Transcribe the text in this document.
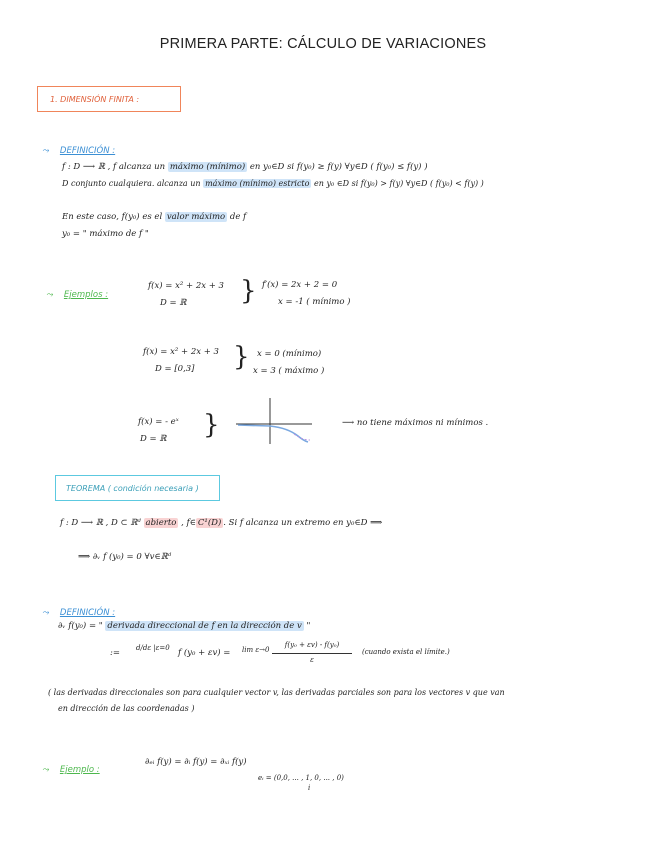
PRIMERA PARTE: CÁLCULO DE VARIACIONES
1. DIMENSIÓN FINITA :
⤳ DEFINICIÓN :
f : D ⟶ ℝ , f alcanza un máximo (mínimo) en y₀∈D si f(y₀) ≥ f(y) ∀y∈D ( f(y₀) ≤ f(y) )
D conjunto cualquiera. alcanza un máximo (mínimo) estricto en y₀ ∈D si f(y₀) > f(y) ∀y∈D ( f(y₀) < f(y) )
En este caso, f(y₀) es el valor máximo de f
y₀ = " máximo de f "
⤳ Ejemplos :
f(x) = x² + 2x + 3
D = ℝ } f′(x) = 2x + 2 = 0
x = -1 ( mínimo )
f(x) = x² + 2x + 3
D = [0,3] } x = 0 (mínimo)
x = 3 ( máximo )
f(x) = - eˣ
D = ℝ }	⟶ no tiene máximos ni mínimos .
TEOREMA ( condición necesaria )
f : D ⟶ ℝ , D ⊂ ℝᵈ abierto , f∈ C¹(D) . Si f alcanza un extremo en y₀∈D ⟹
⟹ ∂ᵥ f (y₀) = 0 ∀v∈ℝᵈ
⤳ DEFINICIÓN :
∂ᵥ f(y₀) = " derivada direccional de f en la dirección de v "
:= d/dε |ε=0 f (y₀ + εv) = lim ε→0
f(y₀ + εv) - f(y₀)
ε
(cuando exista el límite.)
( las derivadas direccionales son para cualquier vector v, las derivadas parciales son para los vectores v que van
en dirección de las coordenadas )
⤳ Ejemplo :
∂ₑᵢ f(y) = ∂ᵢ f(y) = ∂ₓᵢ f(y)
eᵢ = (0,0, ... , 1, 0, ... , 0)
i
